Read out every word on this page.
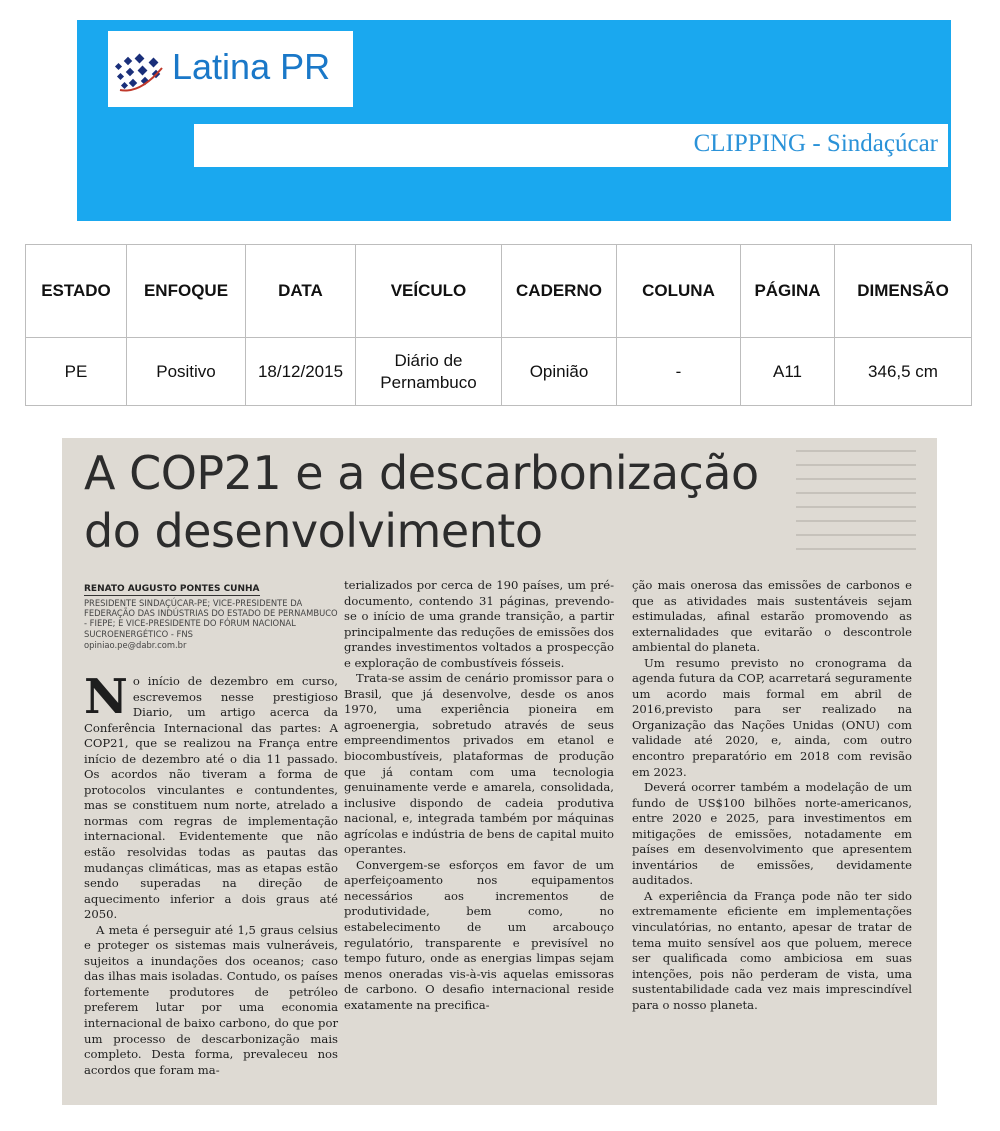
Latina PR
CLIPPING - Sindaçúcar
ESTADO	ENFOQUE	DATA	VEÍCULO	CADERNO	COLUNA	PÁGINA	DIMENSÃO
PE	Positivo	18/12/2015	Diário de Pernambuco	Opinião	-	A11	346,5 cm
A COP21 e a descarbonização
do desenvolvimento
RENATO AUGUSTO PONTES CUNHA
PRESIDENTE SINDAÇÚCAR-PE; VICE-PRESIDENTE DA FEDERAÇÃO DAS INDÚSTRIAS DO ESTADO DE PERNAMBUCO - FIEPE; E VICE-PRESIDENTE DO FÓRUM NACIONAL SUCROENERGÉTICO - FNS
opiniao.pe@dabr.com.br

No início de dezembro em curso, escrevemos nesse prestigioso Diario, um artigo acerca da Conferência Internacional das partes: A COP21, que se realizou na França entre início de dezembro até o dia 11 passado. Os acordos não tiveram a forma de protocolos vinculantes e contundentes, mas se constituem num norte, atrelado a normas com regras de implementação internacional. Evidentemente que não estão resolvidas todas as pautas das mudanças climáticas, mas as etapas estão sendo superadas na direção de aquecimento inferior a dois graus até 2050.

A meta é perseguir até 1,5 graus celsius e proteger os sistemas mais vulneráveis, sujeitos a inundações dos oceanos; caso das ilhas mais isoladas. Contudo, os países fortemente produtores de petróleo preferem lutar por uma economia internacional de baixo carbono, do que por um processo de descarbonização mais completo. Desta forma, prevaleceu nos acordos que foram ma-

terializados por cerca de 190 países, um pré-documento, contendo 31 páginas, prevendo-se o início de uma grande transição, a partir principalmente das reduções de emissões dos grandes investimentos voltados a prospecção e exploração de combustíveis fósseis.

Trata-se assim de cenário promissor para o Brasil, que já desenvolve, desde os anos 1970, uma experiência pioneira em agroenergia, sobretudo através de seus empreendimentos privados em etanol e biocombustíveis, plataformas de produção que já contam com uma tecnologia genuinamente verde e amarela, consolidada, inclusive dispondo de cadeia produtiva nacional, e, integrada também por máquinas agrícolas e indústria de bens de capital muito operantes.

Convergem-se esforços em favor de um aperfeiçoamento nos equipamentos necessários aos incrementos de produtividade, bem como, no estabelecimento de um arcabouço regulatório, transparente e previsível no tempo futuro, onde as energias limpas sejam menos oneradas vis-à-vis aquelas emissoras de carbono. O desafio internacional reside exatamente na precifica-

ção mais onerosa das emissões de carbonos e que as atividades mais sustentáveis sejam estimuladas, afinal estarão promovendo as externalidades que evitarão o descontrole ambiental do planeta.

Um resumo previsto no cronograma da agenda futura da COP, acarretará seguramente um acordo mais formal em abril de 2016,previsto para ser realizado na Organização das Nações Unidas (ONU) com validade até 2020, e, ainda, com outro encontro preparatório em 2018 com revisão em 2023.

Deverá ocorrer também a modelação de um fundo de US$100 bilhões norte-americanos, entre 2020 e 2025, para investimentos em mitigações de emissões, notadamente em países em desenvolvimento que apresentem inventários de emissões, devidamente auditados.

A experiência da França pode não ter sido extremamente eficiente em implementações vinculatórias, no entanto, apesar de tratar de tema muito sensível aos que poluem, merece ser qualificada como ambiciosa em suas intenções, pois não perderam de vista, uma sustentabilidade cada vez mais imprescindível para o nosso planeta.
